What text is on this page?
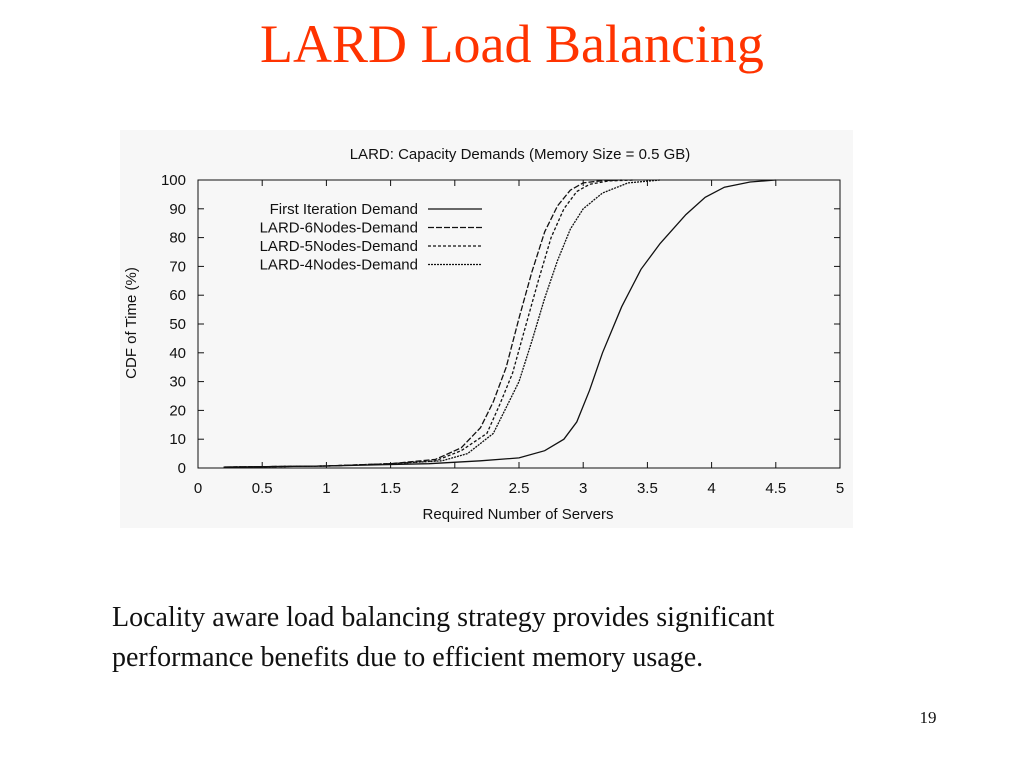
LARD Load Balancing
LARD: Capacity Demands (Memory Size = 0.5 GB)
0	0.5	1	1.5	2	2.5	3	3.5	4	4.5	5
0
10
20
30
40
50
60
70
80
90
100
First Iteration Demand
LARD-6Nodes-Demand
LARD-5Nodes-Demand
LARD-4Nodes-Demand
Required Number of Servers
CDF of Time (%)
Locality aware load balancing strategy provides significant
performance benefits due to efficient memory usage.
19
